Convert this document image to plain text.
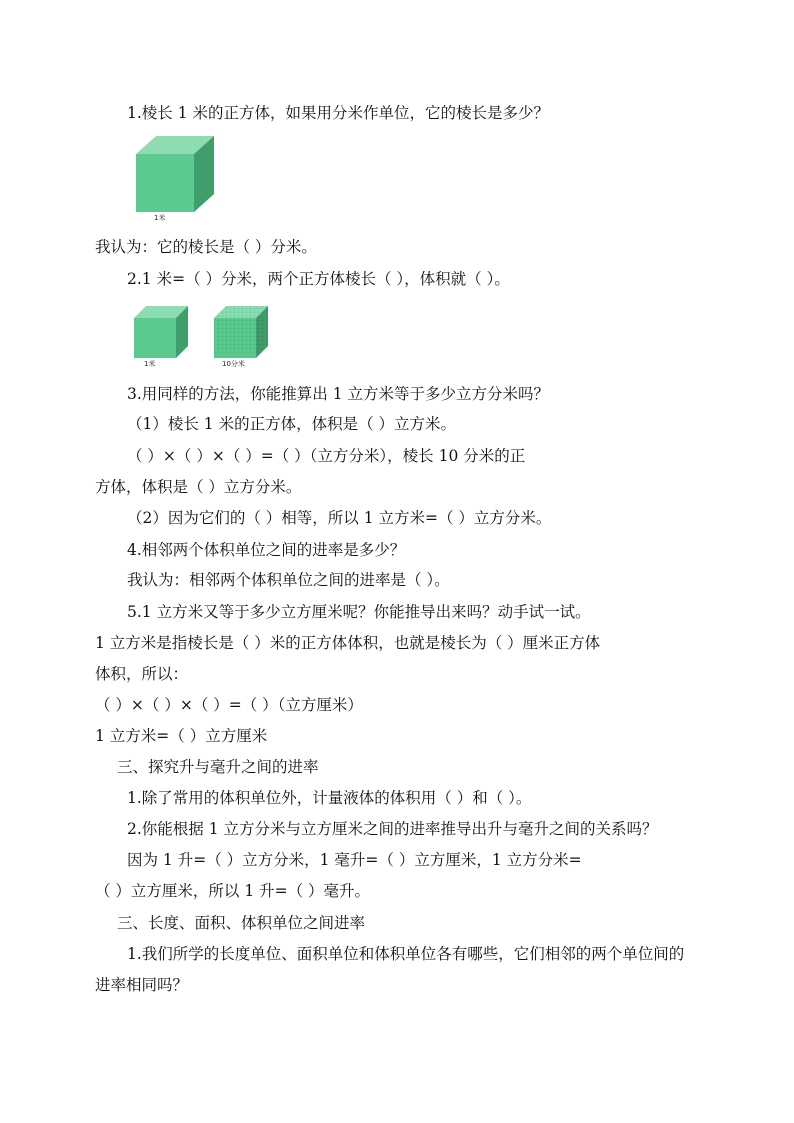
1.棱长 1 米的正方体，如果用分米作单位，它的棱长是多少？
1米
我认为：它的棱长是（ ）分米。
2.1 米=（ ）分米，两个正方体棱长（ ），体积就（ ）。
1米	10分米
3.用同样的方法，你能推算出 1 立方米等于多少立方分米吗？
（1）棱长 1 米的正方体，体积是（ ）立方米。
（ ）×（ ）×（ ）=（ ）（立方分米），棱长 10 分米的正
方体，体积是（ ）立方分米。
（2）因为它们的（ ）相等，所以 1 立方米=（ ）立方分米。
4.相邻两个体积单位之间的进率是多少？
我认为：相邻两个体积单位之间的进率是（ ）。
5.1 立方米又等于多少立方厘米呢？你能推导出来吗？动手试一试。
1 立方米是指棱长是（ ）米的正方体体积，也就是棱长为（ ）厘米正方体
体积，所以：
（ ）×（ ）×（ ）=（ ）（立方厘米）
1 立方米=（ ）立方厘米
三、探究升与毫升之间的进率
1.除了常用的体积单位外，计量液体的体积用（ ）和（ ）。
2.你能根据 1 立方分米与立方厘米之间的进率推导出升与毫升之间的关系吗？
因为 1 升=（ ）立方分米，1 毫升=（ ）立方厘米，1 立方分米=
（ ）立方厘米，所以 1 升=（ ）毫升。
三、长度、面积、体积单位之间进率
1.我们所学的长度单位、面积单位和体积单位各有哪些，它们相邻的两个单位间的
进率相同吗？
